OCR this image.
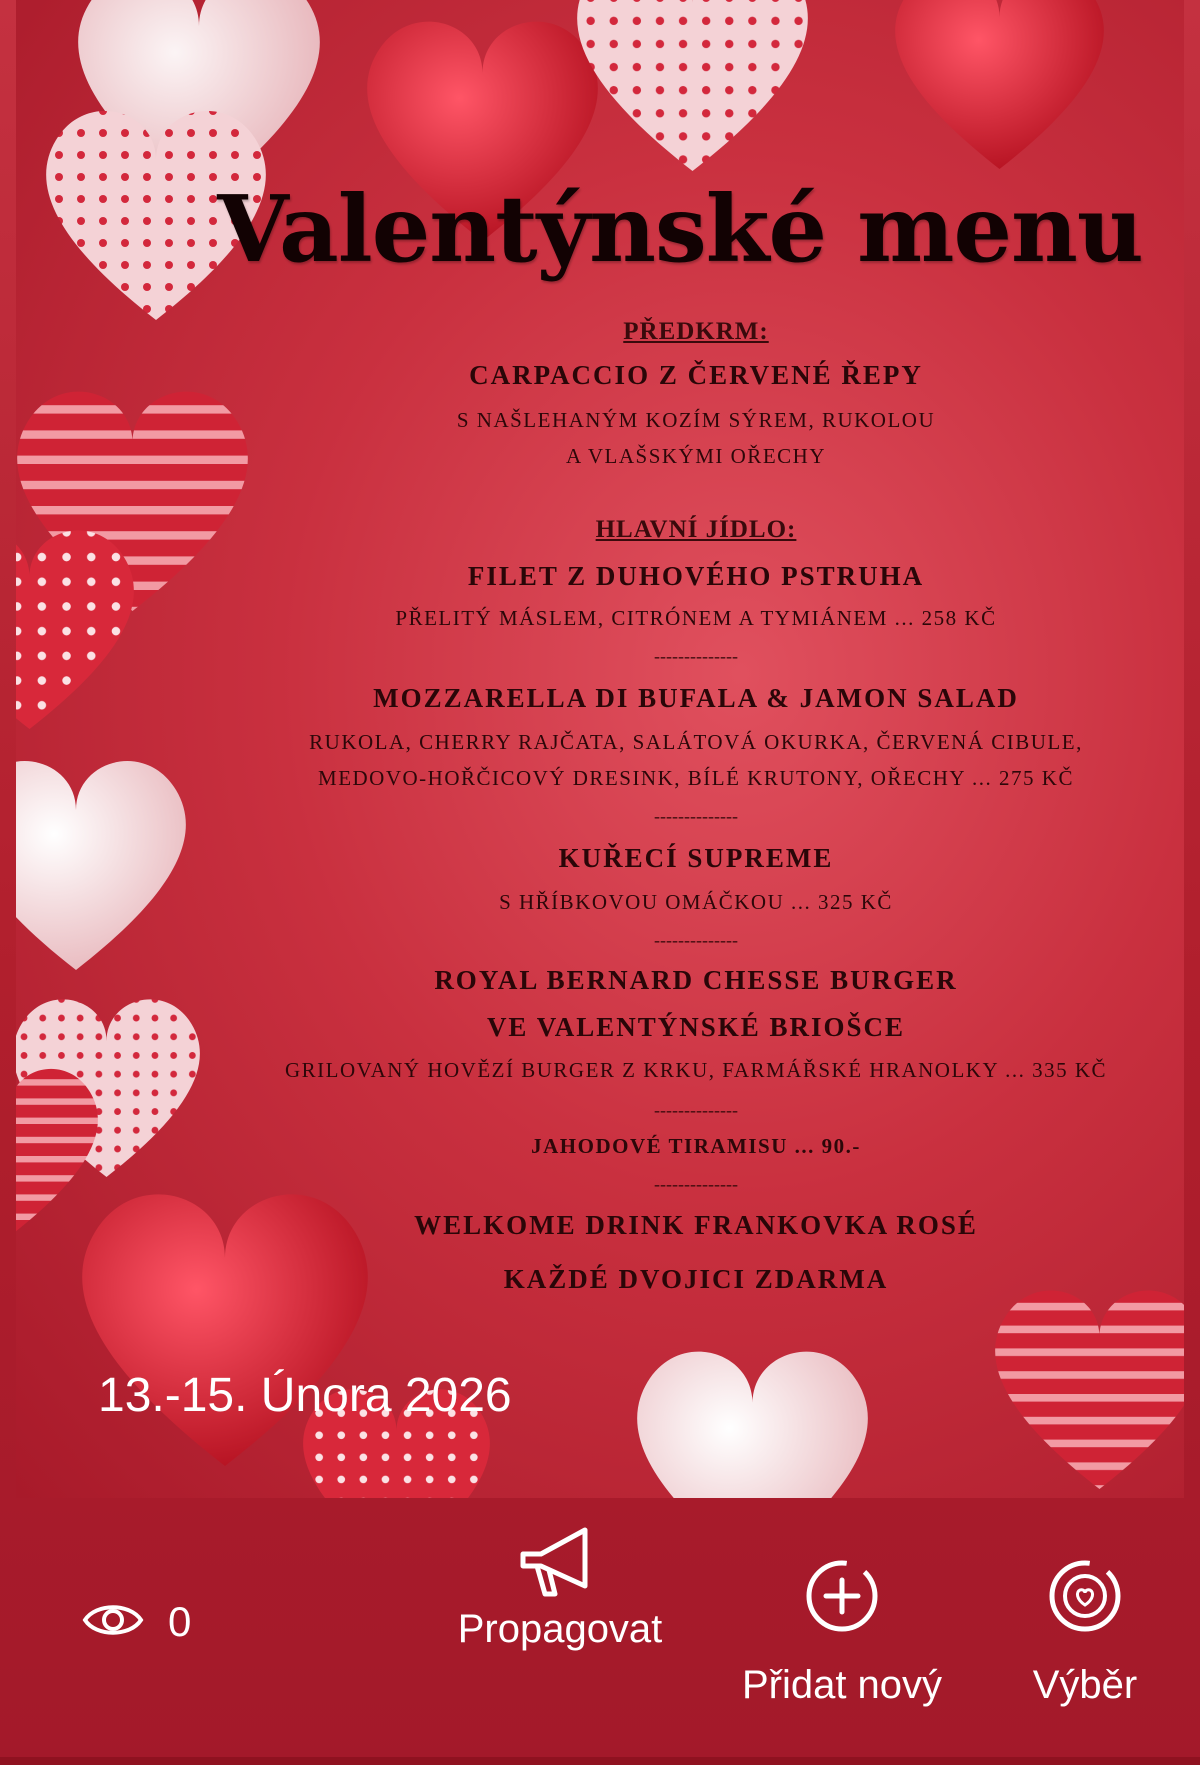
Valentýnské menu
PŘEDKRM:
CARPACCIO Z ČERVENÉ ŘEPY
S NAŠLEHANÝM KOZÍM SÝREM, RUKOLOU
A VLAŠSKÝMI OŘECHY
HLAVNÍ JÍDLO:
FILET Z DUHOVÉHO PSTRUHA
PŘELITÝ MÁSLEM, CITRÓNEM A TYMIÁNEM ... 258 KČ
--------------
MOZZARELLA DI BUFALA & JAMON SALAD
RUKOLA, CHERRY RAJČATA, SALÁTOVÁ OKURKA, ČERVENÁ CIBULE,
MEDOVO-HOŘČICOVÝ DRESINK, BÍLÉ KRUTONY, OŘECHY ... 275 KČ
--------------
KUŘECÍ SUPREME
S HŘÍBKOVOU OMÁČKOU ... 325 KČ
--------------
ROYAL BERNARD CHESSE BURGER
VE VALENTÝNSKÉ BRIOŠCE
GRILOVANÝ HOVĚZÍ BURGER Z KRKU, FARMÁŘSKÉ HRANOLKY ... 335 KČ
--------------
JAHODOVÉ TIRAMISU ... 90.-
--------------
WELKOME DRINK FRANKOVKA ROSÉ
KAŽDÉ DVOJICI ZDARMA
13.-15. Února 2026
0	Propagovat
Přidat nový	Výběr
